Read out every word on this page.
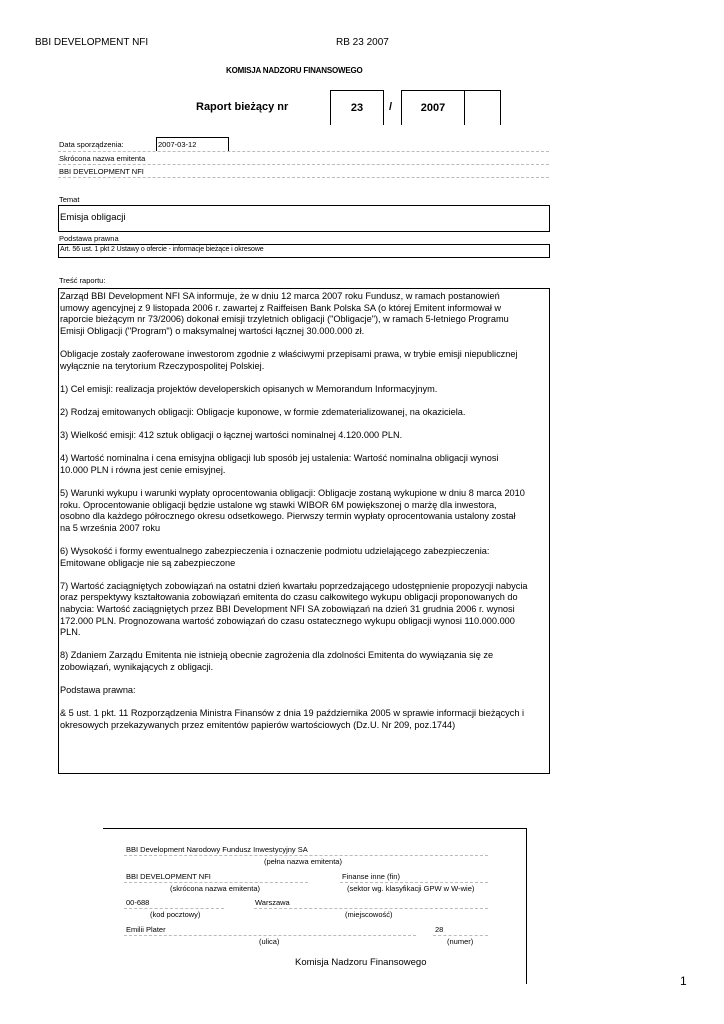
BBI DEVELOPMENT NFI	RB 23 2007
KOMISJA NADZORU FINANSOWEGO
Raport bieżący nr	23	/	2007
Data sporządzenia:	2007-03-12
Skrócona nazwa emitenta
BBI DEVELOPMENT NFI
Temat
Emisja obligacji
Podstawa prawna
Art. 56 ust. 1 pkt 2 Ustawy o ofercie - informacje bieżące i okresowe
Treść raportu:
Zarząd BBI Development NFI SA informuje, że w dniu 12 marca 2007 roku Fundusz, w ramach postanowień
umowy agencyjnej z 9 listopada 2006 r. zawartej z Raiffeisen Bank Polska SA (o której Emitent informował w
raporcie bieżącym nr 73/2006) dokonał emisji trzyletnich obligacji ("Obligacje"), w ramach 5-letniego Programu
Emisji Obligacji ("Program") o maksymalnej wartości łącznej 30.000.000 zł.
Obligacje zostały zaoferowane inwestorom zgodnie z właściwymi przepisami prawa, w trybie emisji niepublicznej
wyłącznie na terytorium Rzeczypospolitej Polskiej.
1) Cel emisji: realizacja projektów developerskich opisanych w Memorandum Informacyjnym.
2) Rodzaj emitowanych obligacji: Obligacje kuponowe, w formie zdematerializowanej, na okaziciela.
3) Wielkość emisji: 412 sztuk obligacji o łącznej wartości nominalnej 4.120.000 PLN.
4) Wartość nominalna i cena emisyjna obligacji lub sposób jej ustalenia: Wartość nominalna obligacji wynosi
10.000 PLN i równa jest cenie emisyjnej.
5) Warunki wykupu i warunki wypłaty oprocentowania obligacji: Obligacje zostaną wykupione w dniu 8 marca 2010
roku. Oprocentowanie obligacji będzie ustalone wg stawki WIBOR 6M powiększonej o marżę dla inwestora,
osobno dla każdego półrocznego okresu odsetkowego. Pierwszy termin wypłaty oprocentowania ustalony został
na 5 września 2007 roku
6) Wysokość i formy ewentualnego zabezpieczenia i oznaczenie podmiotu udzielającego zabezpieczenia:
Emitowane obligacje nie są zabezpieczone
7) Wartość zaciągniętych zobowiązań na ostatni dzień kwartału poprzedzającego udostępnienie propozycji nabycia
oraz perspektywy kształtowania zobowiązań emitenta do czasu całkowitego wykupu obligacji proponowanych do
nabycia: Wartość zaciągniętych przez BBI Development NFI SA zobowiązań na dzień 31 grudnia 2006 r. wynosi
172.000 PLN. Prognozowana wartość zobowiązań do czasu ostatecznego wykupu obligacji wynosi 110.000.000
PLN.
8) Zdaniem Zarządu Emitenta nie istnieją obecnie zagrożenia dla zdolności Emitenta do wywiązania się ze
zobowiązań, wynikających z obligacji.
Podstawa prawna:
& 5 ust. 1 pkt. 11 Rozporządzenia Ministra Finansów z dnia 19 października 2005 w sprawie informacji bieżących i
okresowych przekazywanych przez emitentów papierów wartościowych (Dz.U. Nr 209, poz.1744)
BBI Development Narodowy Fundusz Inwestycyjny SA
(pełna nazwa emitenta)
BBI DEVELOPMENT NFI	Finanse inne (fin)
(skrócona nazwa emitenta)	(sektor wg. klasyfikacji GPW w W-wie)
00-688	Warszawa
(kod pocztowy)	(miejscowość)
Emilii Plater	28
(ulica)	(numer)
Komisja Nadzoru Finansowego
1
